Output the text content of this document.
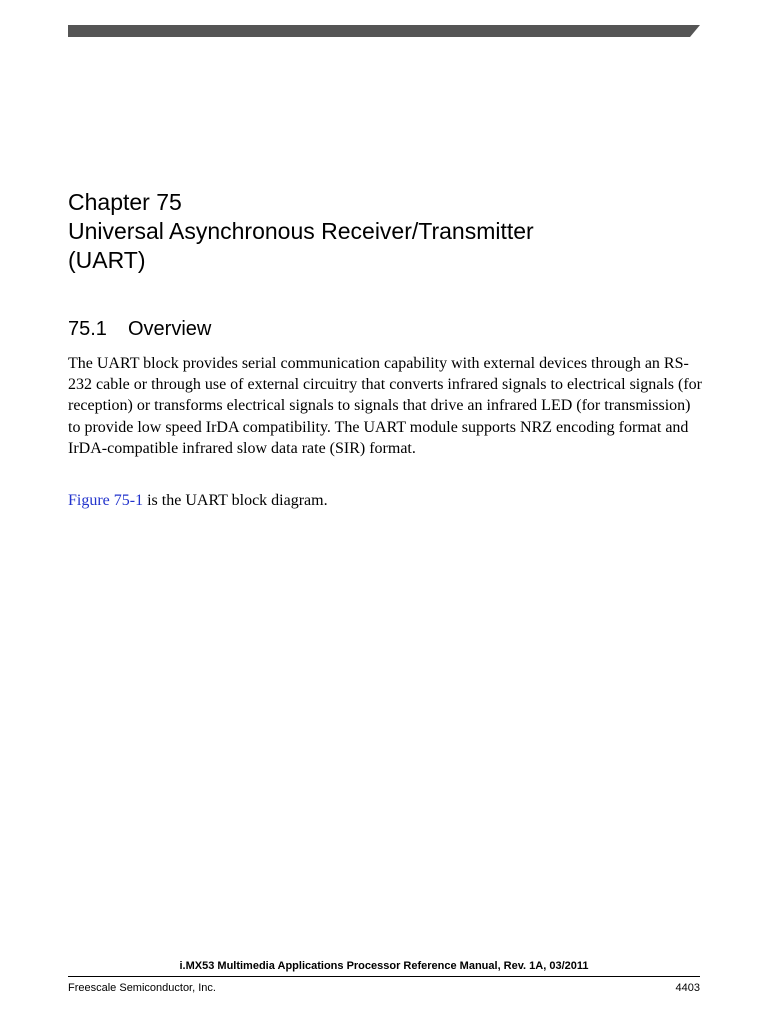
Chapter 75
Universal Asynchronous Receiver/Transmitter
(UART)
75.1 Overview

The UART block provides serial communication capability with external devices through an RS-232 cable or through use of external circuitry that converts infrared signals to electrical signals (for reception) or transforms electrical signals to signals that drive an infrared LED (for transmission) to provide low speed IrDA compatibility. The UART module supports NRZ encoding format and IrDA-compatible infrared slow data rate (SIR) format.

Figure 75-1 is the UART block diagram.

i.MX53 Multimedia Applications Processor Reference Manual, Rev. 1A, 03/2011
Freescale Semiconductor, Inc.	4403
